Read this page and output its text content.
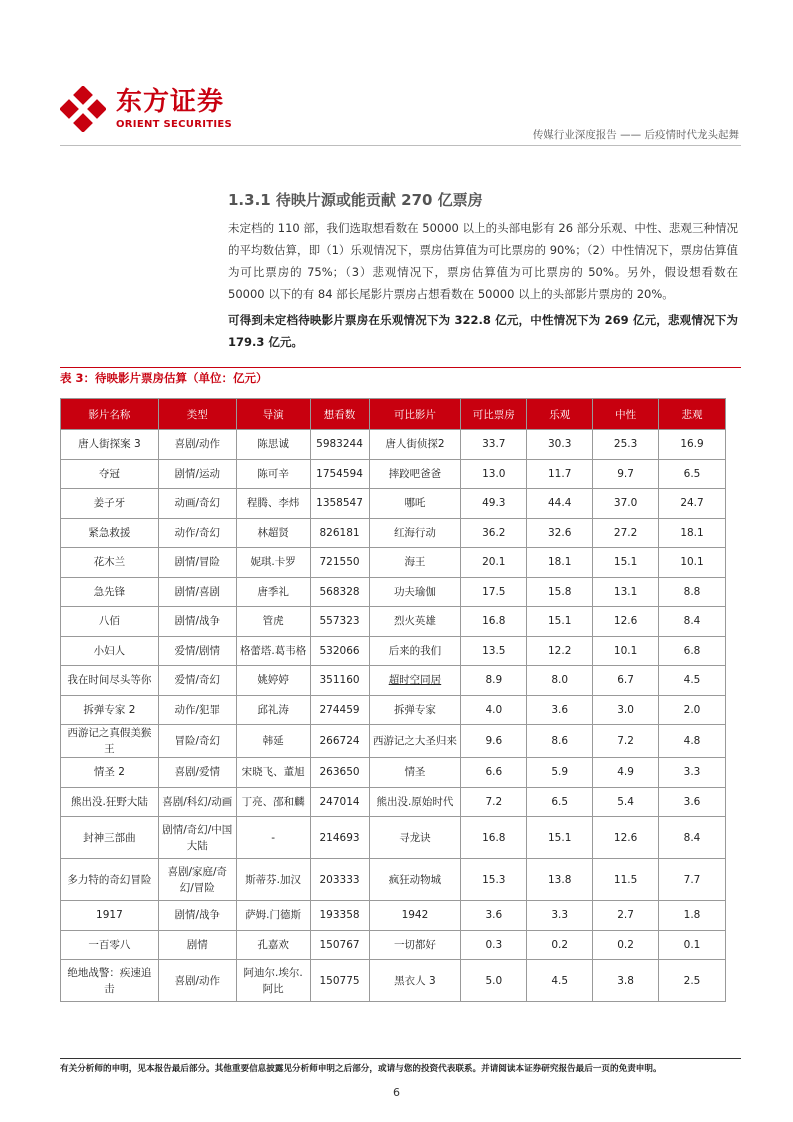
东方证券
ORIENT SECURITIES
传媒行业深度报告 —— 后疫情时代龙头起舞
1.3.1 待映片源或能贡献 270 亿票房

未定档的 110 部，我们选取想看数在 50000 以上的头部电影有 26 部分乐观、中性、悲观三种情况的平均数估算，即（1）乐观情况下，票房估算值为可比票房的 90%；（2）中性情况下，票房估算值为可比票房的 75%；（3）悲观情况下，票房估算值为可比票房的 50%。另外，假设想看数在 50000 以下的有 84 部长尾影片票房占想看数在 50000 以上的头部影片票房的 20%。

可得到未定档待映影片票房在乐观情况下为 322.8 亿元，中性情况下为 269 亿元，悲观情况下为 179.3 亿元。

表 3：待映影片票房估算（单位：亿元）
影片名称	类型	导演	想看数	可比影片	可比票房	乐观	中性	悲观
唐人街探案 3	喜剧/动作	陈思诚	5983244	唐人街侦探2	33.7	30.3	25.3	16.9
夺冠	剧情/运动	陈可辛	1754594	摔跤吧爸爸	13.0	11.7	9.7	6.5
姜子牙	动画/奇幻	程腾、李炜	1358547	哪吒	49.3	44.4	37.0	24.7
紧急救援	动作/奇幻	林超贤	826181	红海行动	36.2	32.6	27.2	18.1
花木兰	剧情/冒险	妮琪.卡罗	721550	海王	20.1	18.1	15.1	10.1
急先锋	剧情/喜剧	唐季礼	568328	功夫瑜伽	17.5	15.8	13.1	8.8
八佰	剧情/战争	管虎	557323	烈火英雄	16.8	15.1	12.6	8.4
小妇人	爱情/剧情	格蕾塔.葛韦格	532066	后来的我们	13.5	12.2	10.1	6.8
我在时间尽头等你	爱情/奇幻	姚婷婷	351160	超时空同居	8.9	8.0	6.7	4.5
拆弹专家 2	动作/犯罪	邱礼涛	274459	拆弹专家	4.0	3.6	3.0	2.0
西游记之真假美猴王	冒险/奇幻	韩延	266724	西游记之大圣归来	9.6	8.6	7.2	4.8
情圣 2	喜剧/爱情	宋晓飞、董旭	263650	情圣	6.6	5.9	4.9	3.3
熊出没.狂野大陆	喜剧/科幻/动画	丁亮、邵和麟	247014	熊出没.原始时代	7.2	6.5	5.4	3.6
封神三部曲	剧情/奇幻/中国大陆	-	214693	寻龙诀	16.8	15.1	12.6	8.4
多力特的奇幻冒险	喜剧/家庭/奇幻/冒险	斯蒂芬.加汉	203333	疯狂动物城	15.3	13.8	11.5	7.7
1917	剧情/战争	萨姆.门德斯	193358	1942	3.6	3.3	2.7	1.8
一百零八	剧情	孔嘉欢	150767	一切都好	0.3	0.2	0.2	0.1
绝地战警：疾速追击	喜剧/动作	阿迪尔.埃尔.阿比	150775	黑衣人 3	5.0	4.5	3.8	2.5
有关分析师的申明，见本报告最后部分。其他重要信息披露见分析师申明之后部分，或请与您的投资代表联系。并请阅读本证券研究报告最后一页的免责申明。
6
